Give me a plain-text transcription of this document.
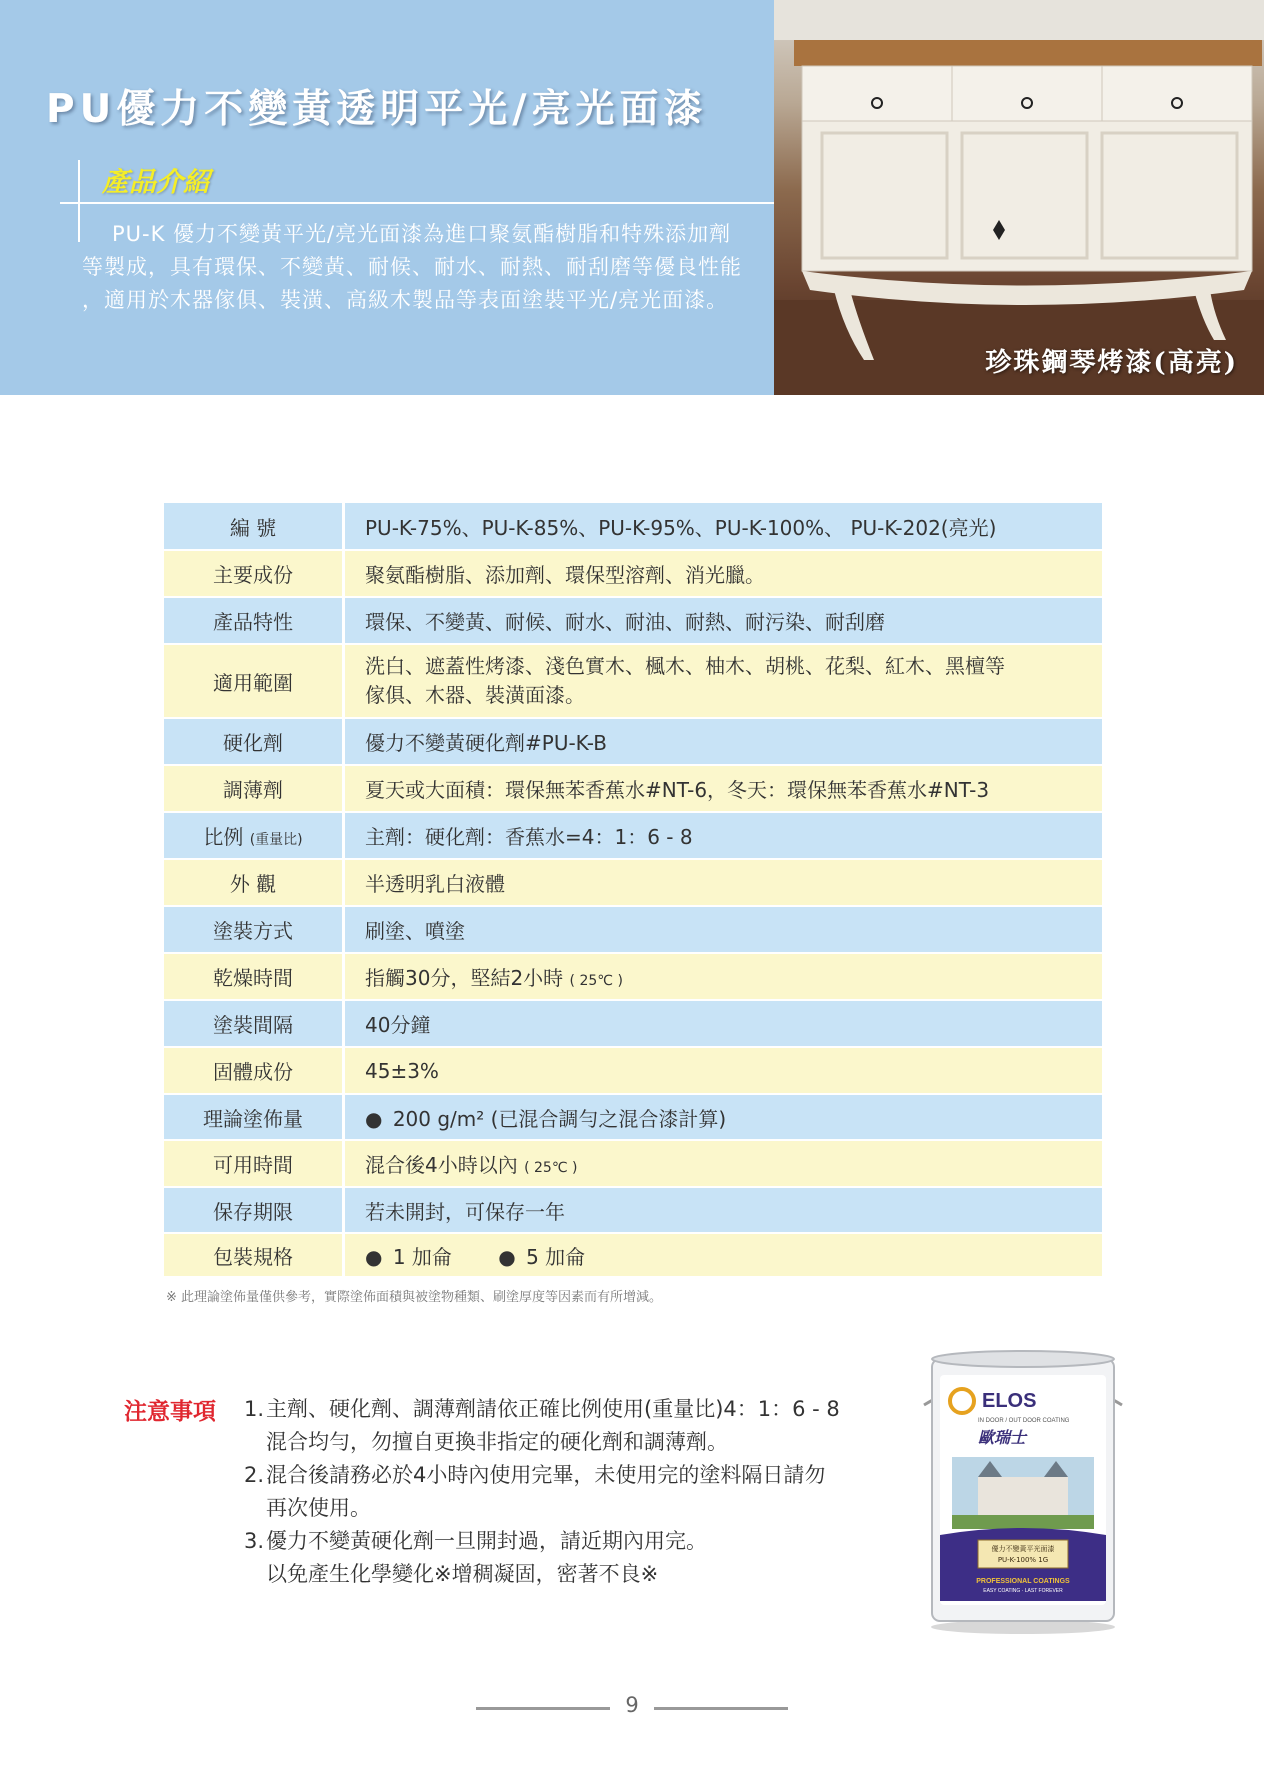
PU優力不變黃透明平光/亮光面漆
產品介紹

PU-K 優力不變黃平光/亮光面漆為進口聚氨酯樹脂和特殊添加劑
等製成，具有環保、不變黃、耐候、耐水、耐熱、耐刮磨等優良性能
，適用於木器傢俱、裝潢、高級木製品等表面塗裝平光/亮光面漆。

珍珠鋼琴烤漆(高亮)
編 號	PU-K-75%、PU-K-85%、PU-K-95%、PU-K-100%、 PU-K-202(亮光)
主要成份	聚氨酯樹脂、添加劑、環保型溶劑、消光臘。
產品特性	環保、不變黃、耐候、耐水、耐油、耐熱、耐污染、耐刮磨
適用範圍	洗白、遮蓋性烤漆、淺色實木、楓木、柚木、胡桃、花梨、紅木、黑檀等
傢俱、木器、裝潢面漆。

硬化劑	優力不變黃硬化劑#PU-K-B
調薄劑	夏天或大面積：環保無苯香蕉水#NT-6，冬天：環保無苯香蕉水#NT-3
比例 (重量比)	主劑：硬化劑：香蕉水=4：1：6 - 8
外 觀	半透明乳白液體
塗裝方式	刷塗、噴塗
乾燥時間	指觸30分，堅結2小時 ( 25℃ )
塗裝間隔	40分鐘
固體成份	45±3%
理論塗佈量	● 200 g/m² (已混合調勻之混合漆計算)
可用時間	混合後4小時以內 ( 25℃ )
保存期限	若未開封，可保存一年
包裝規格	● 1 加侖 ● 5 加侖

※ 此理論塗佈量僅供參考，實際塗佈面積與被塗物種類、刷塗厚度等因素而有所增減。

注意事項 1.主劑、硬化劑、調薄劑請依正確比例使用(重量比)4：1：6 - 8
混合均勻，勿擅自更換非指定的硬化劑和調薄劑。
2.混合後請務必於4小時內使用完畢，未使用完的塗料隔日請勿
再次使用。
3.優力不變黃硬化劑一旦開封過，請近期內用完。
以免產生化學變化※增稠凝固，密著不良※
ELOS
IN DOOR / OUT DOOR COATING
歐瑞士
優力不變黃平光面漆
PU-K-100% 1G
PROFESSIONAL COATINGS
EASY COATING · LAST FOREVER

9
